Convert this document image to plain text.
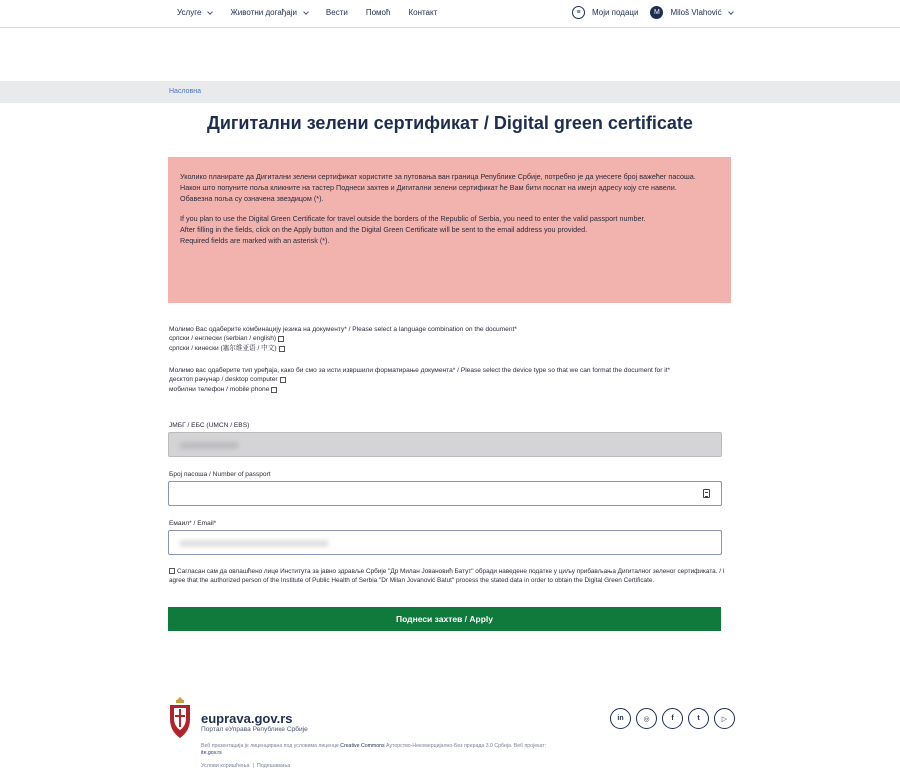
Услуге	Животни догађаји	Вести Помоћ Контакт	≡	Моји подаци	M	Miloš Vlahović
Насловна
Дигитални зелени сертификат / Digital green certificate

Уколико планирате да Дигитални зелени сертификат користите за путовања ван граница Републике Србије, потребно је да унесете број важећег пасоша.

Након што попуните поља кликните на тастер Поднеси захтев и Дигитални зелени сертификат ће Вам бити послат на имејл адресу коју сте навели.

Обавезна поља су означена звездицом (*).

If you plan to use the Digital Green Certificate for travel outside the borders of the Republic of Serbia, you need to enter the valid passport number.

After filling in the fields, click on the Apply button and the Digital Green Certificate will be sent to the email address you provided.

Required fields are marked with an asterisk (*).

Молимо Вас одаберите комбинацију језика на документу* / Please select a language combination on the document*
српски / енглески (serbian / english)
српски / кинески (塞尔维亚语 / 中文)
Молимо вас одаберите тип уређаја, како би смо за исти извршили форматирање документа* / Please select the device type so that we can format the document for it*
десктоп рачунар / desktop computer
мобилни телефон / mobile phone
ЈМБГ / ЕБС (UMCN / EBS)
Број пасоша / Number of passport
Емаил* / Email*
Сагласан сам да овлашћено лице Института за јавно здравље Србије "Др Милан Јовановић Батут" обради наведене податке у циљу прибављања Дигиталног зеленог сертификата. / I agree that the authorized person of the Institute of Public Health of Serbia "Dr Milan Jovanović Batut" process the stated data in order to obtain the Digital Green Certificate.
Поднеси захтев / Apply
euprava.gov.rs
Портал еУправа Републике Србије
Веб презентација је лиценцирана под условима лиценце Creative Commons Ауторство-Некомерцијално-Без прерада 3.0 Србија. Веб пројекат: ite.gov.rs
Услови коришћења | Подешавања
in	◎	f	t	▷
